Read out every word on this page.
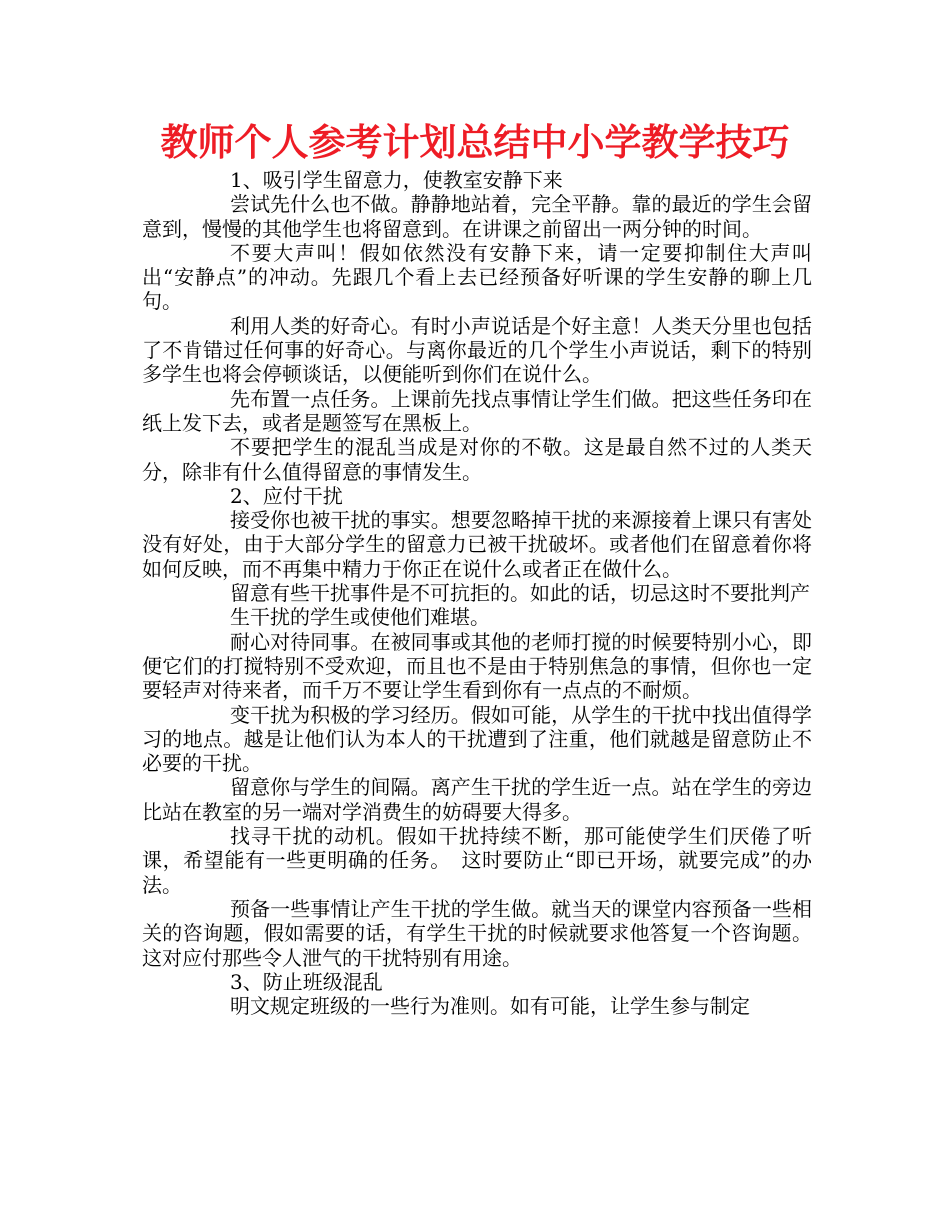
教师个人参考计划总结中小学教学技巧

1、吸引学生留意力，使教室安静下来

尝试先什么也不做。静静地站着，完全平静。靠的最近的学生会留意到，慢慢的其他学生也将留意到。在讲课之前留出一两分钟的时间。

不要大声叫！假如依然没有安静下来，请一定要抑制住大声叫出“安静点”的冲动。先跟几个看上去已经预备好听课的学生安静的聊上几句。

利用人类的好奇心。有时小声说话是个好主意！人类天分里也包括了不肯错过任何事的好奇心。与离你最近的几个学生小声说话，剩下的特别多学生也将会停顿谈话，以便能听到你们在说什么。

先布置一点任务。上课前先找点事情让学生们做。把这些任务印在纸上发下去，或者是题签写在黑板上。

不要把学生的混乱当成是对你的不敬。这是最自然不过的人类天分，除非有什么值得留意的事情发生。

2、应付干扰

接受你也被干扰的事实。想要忽略掉干扰的来源接着上课只有害处没有好处，由于大部分学生的留意力已被干扰破坏。或者他们在留意着你将如何反映，而不再集中精力于你正在说什么或者正在做什么。

留意有些干扰事件是不可抗拒的。如此的话，切忌这时不要批判产

生干扰的学生或使他们难堪。

耐心对待同事。在被同事或其他的老师打搅的时候要特别小心，即便它们的打搅特别不受欢迎，而且也不是由于特别焦急的事情，但你也一定要轻声对待来者，而千万不要让学生看到你有一点点的不耐烦。

变干扰为积极的学习经历。假如可能，从学生的干扰中找出值得学习的地点。越是让他们认为本人的干扰遭到了注重，他们就越是留意防止不必要的干扰。

留意你与学生的间隔。离产生干扰的学生近一点。站在学生的旁边比站在教室的另一端对学消费生的妨碍要大得多。

找寻干扰的动机。假如干扰持续不断，那可能使学生们厌倦了听课，希望能有一些更明确的任务。　这时要防止“即已开场，就要完成”的办法。

预备一些事情让产生干扰的学生做。就当天的课堂内容预备一些相关的咨询题，假如需要的话，有学生干扰的时候就要求他答复一个咨询题。这对应付那些令人泄气的干扰特别有用途。

3、防止班级混乱

明文规定班级的一些行为准则。如有可能，让学生参与制定
